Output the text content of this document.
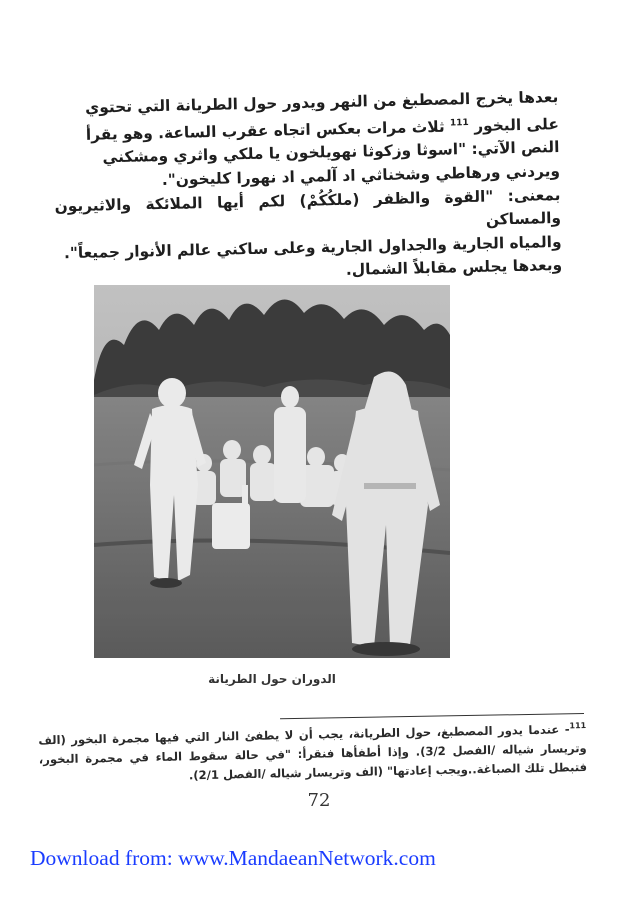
بعدها يخرج المصطبغ من النهر ويدور حول الطريانة التي تحتوي

على البخور $^{111}$ ثلاث مرات بعكس اتجاه عقرب الساعة. وهو يقرأ

النص الآتي: "اسوثا وزكوثا نهويلخون يا ملكي واثري ومشكني

ويردني ورهاطي وشخناثي اد آلمي اد نهورا كليخون".

بمعنى: "القوة والظفر (ملكُكُمْ) لكم أيها الملائكة والاثيريون والمساكن

والمياه الجارية والجداول الجارية وعلى ساكني عالم الأنوار جميعاً".

وبعدها يجلس مقابلاً الشمال.

الدوران حول الطريانة

$^{111}$- عندما يدور المصطبغ، حول الطريانة، يجب أن لا يطفئ النار التي فيها مجمرة البخور (الف وتريسار شياله /الفصل 3/2). وإذا أطفأها فنقرأ: "في حالة سقوط الماء في مجمرة البخور، فتبطل تلك الصباغة..ويجب إعادتها" (الف وتريسار شياله /الفصل 2/1).

72
Download from: www.MandaeanNetwork.com
